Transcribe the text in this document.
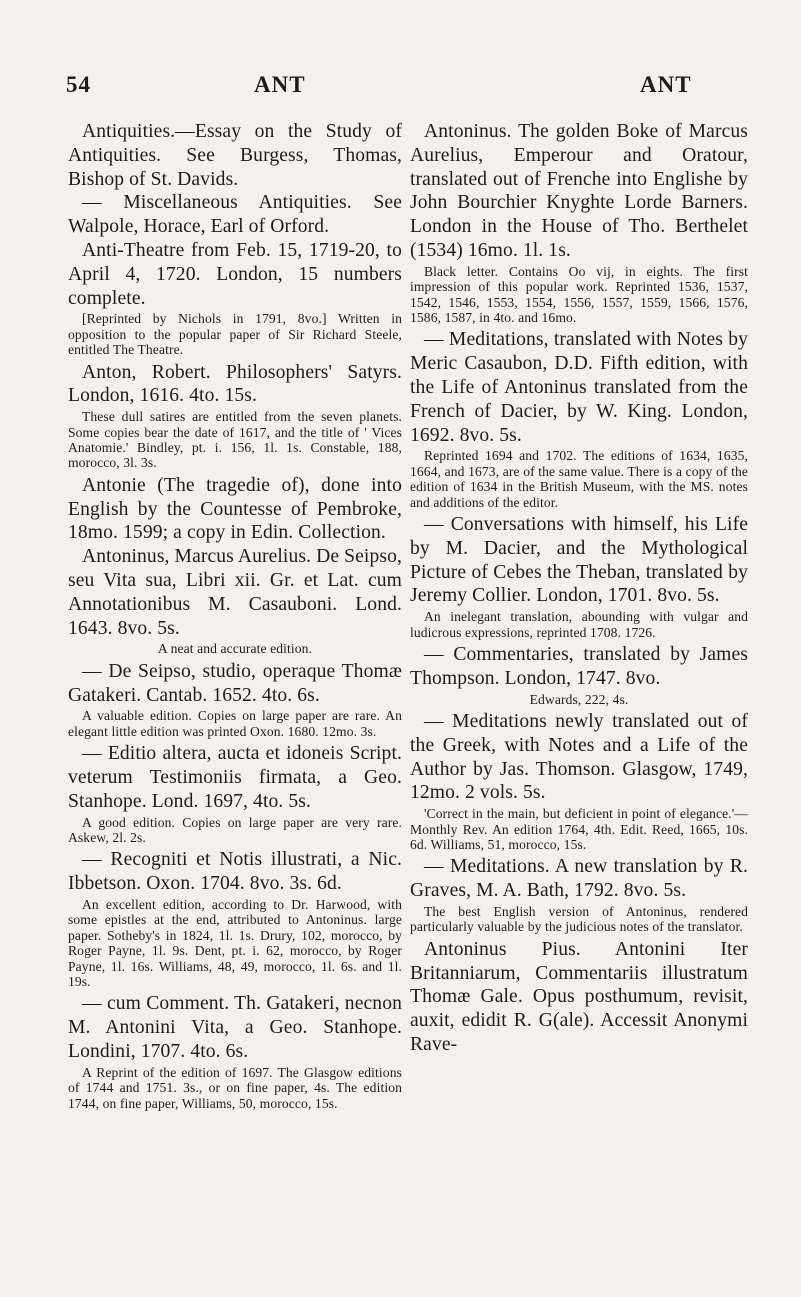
54	ANT	ANT

Antiquities.—Essay on the Study of Antiquities. See Burgess, Thomas, Bishop of St. Davids.

— Miscellaneous Antiquities. See Walpole, Horace, Earl of Orford.

Anti-Theatre from Feb. 15, 1719-20, to April 4, 1720. London, 15 numbers complete.

[Reprinted by Nichols in 1791, 8vo.] Written in opposition to the popular paper of Sir Richard Steele, entitled The Theatre.

Anton, Robert. Philosophers' Satyrs. London, 1616. 4to. 15s.

These dull satires are entitled from the seven planets. Some copies bear the date of 1617, and the title of ' Vices Anatomie.' Bindley, pt. i. 156, 1l. 1s. Constable, 188, morocco, 3l. 3s.

Antonie (The tragedie of), done into English by the Countesse of Pembroke, 18mo. 1599; a copy in Edin. Collection.

Antoninus, Marcus Aurelius. De Seipso, seu Vita sua, Libri xii. Gr. et Lat. cum Annotationibus M. Casauboni. Lond. 1643. 8vo. 5s.

A neat and accurate edition.

— De Seipso, studio, operaque Thomæ Gatakeri. Cantab. 1652. 4to. 6s.

A valuable edition. Copies on large paper are rare. An elegant little edition was printed Oxon. 1680. 12mo. 3s.

— Editio altera, aucta et idoneis Script. veterum Testimoniis firmata, a Geo. Stanhope. Lond. 1697, 4to. 5s.

A good edition. Copies on large paper are very rare. Askew, 2l. 2s.

— Recogniti et Notis illustrati, a Nic. Ibbetson. Oxon. 1704. 8vo. 3s. 6d.

An excellent edition, according to Dr. Harwood, with some epistles at the end, attributed to Antoninus. large paper. Sotheby's in 1824, 1l. 1s. Drury, 102, morocco, by Roger Payne, 1l. 9s. Dent, pt. i. 62, morocco, by Roger Payne, 1l. 16s. Williams, 48, 49, morocco, 1l. 6s. and 1l. 19s.

— cum Comment. Th. Gatakeri, necnon M. Antonini Vita, a Geo. Stanhope. Londini, 1707. 4to. 6s.

A Reprint of the edition of 1697. The Glasgow editions of 1744 and 1751. 3s., or on fine paper, 4s. The edition 1744, on fine paper, Williams, 50, morocco, 15s.

Antoninus. The golden Boke of Marcus Aurelius, Emperour and Oratour, translated out of Frenche into Englishe by John Bourchier Knyghte Lorde Barners. London in the House of Tho. Berthelet (1534) 16mo. 1l. 1s.

Black letter. Contains Oo vij, in eights. The first impression of this popular work. Reprinted 1536, 1537, 1542, 1546, 1553, 1554, 1556, 1557, 1559, 1566, 1576, 1586, 1587, in 4to. and 16mo.

— Meditations, translated with Notes by Meric Casaubon, D.D. Fifth edition, with the Life of Antoninus translated from the French of Dacier, by W. King. London, 1692. 8vo. 5s.

Reprinted 1694 and 1702. The editions of 1634, 1635, 1664, and 1673, are of the same value. There is a copy of the edition of 1634 in the British Museum, with the MS. notes and additions of the editor.

— Conversations with himself, his Life by M. Dacier, and the Mythological Picture of Cebes the Theban, translated by Jeremy Collier. London, 1701. 8vo. 5s.

An inelegant translation, abounding with vulgar and ludicrous expressions, reprinted 1708. 1726.

— Commentaries, translated by James Thompson. London, 1747. 8vo.

Edwards, 222, 4s.

— Meditations newly translated out of the Greek, with Notes and a Life of the Author by Jas. Thomson. Glasgow, 1749, 12mo. 2 vols. 5s.

'Correct in the main, but deficient in point of elegance.'—Monthly Rev. An edition 1764, 4th. Edit. Reed, 1665, 10s. 6d. Williams, 51, morocco, 15s.

— Meditations. A new translation by R. Graves, M. A. Bath, 1792. 8vo. 5s.

The best English version of Antoninus, rendered particularly valuable by the judicious notes of the translator.

Antoninus Pius. Antonini Iter Britanniarum, Commentariis illustratum Thomæ Gale. Opus posthumum, revisit, auxit, edidit R. G(ale). Accessit Anonymi Rave-
